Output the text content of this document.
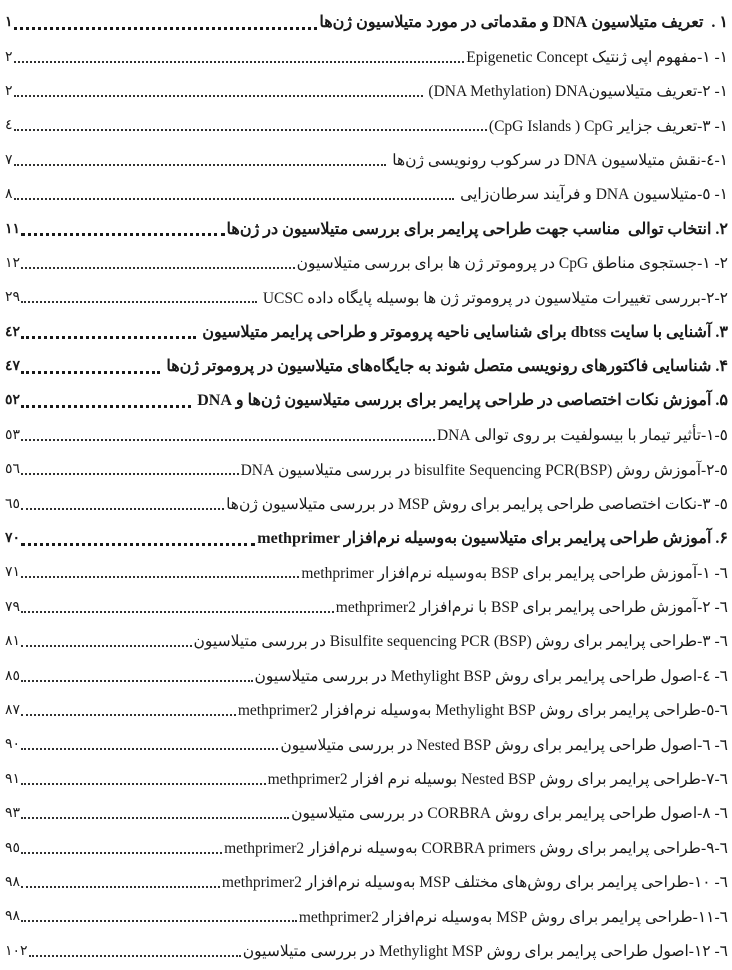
١ .  تعریف متیلاسیون DNA و مقدماتی در مورد متیلاسیون ژن‌ها
١
١- ١-مفهوم اپی ژنتیک Epigenetic Concept
٢
١- ٢-تعریف متیلاسیونDNA‏ (DNA Methylation)
٢
١- ٣-تعریف جزایر CpG‏ ( CpG Islands)
٤
١-٤-نقش متیلاسیون DNA در سرکوب رونویسی ژن‌ها
٧
١- ٥-متیلاسیون DNA و فرآیند سرطان‌زایی
٨
٢. انتخاب توالی  مناسب جهت طراحی پرایمر برای بررسی متیلاسیون در ژن‌ها
١١
٢- ١-جستجوی مناطق CpG در پروموتر ژن ها برای بررسی متیلاسیون
١٢
٢-٢-بررسی تغییرات متیلاسیون در پروموتر ژن ها بوسیله پایگاه داده UCSC
٢٩
٣. آشنایی با سایت dbtss برای شناسایی ناحیه پروموتر و طراحی پرایمر متیلاسیون
٤٢
۴. شناسایی فاکتورهای رونویسی متصل شوند به جایگاه‌های متیلاسیون در پروموتر ژن‌ها
٤٧
۵. آموزش نکات اختصاصی در طراحی پرایمر برای بررسی متیلاسیون ژن‌ها و DNA
٥٢
٥-١-تأثیر تیمار با بیسولفیت بر روی توالی DNA
٥٣
٥-٢-آموزش روش bisulfite Sequencing PCR(BSP) در بررسی متیلاسیون DNA
٥٦
٥- ٣-نکات اختصاصی طراحی پرایمر برای روش MSP در بررسی متیلاسیون ژن‌ها
٦٥
۶. آموزش طراحی پرایمر برای متیلاسیون به‌وسیله نرم‌افزار methprimer
٧٠
٦- ١-آموزش طراحی پرایمر برای BSP به‌وسیله نرم‌افزار methprimer
٧١
٦- ٢-آموزش طراحی پرایمر برای BSP با نرم‌افزار methprimer2
٧٩
٦- ٣-طراحی پرایمر برای روش Bisulfite sequencing PCR (BSP) در بررسی متیلاسیون
٨١
٦- ٤-اصول طراحی پرایمر برای روش Methylight BSP در بررسی متیلاسیون
٨٥
٦-٥-طراحی پرایمر برای روش Methylight BSP به‌وسیله نرم‌افزار methprimer2
٨٧
٦- ٦-اصول طراحی پرایمر برای روش Nested BSP در بررسی متیلاسیون
٩٠
٦-٧-طراحی پرایمر برای روش Nested BSP بوسیله نرم افزار methprimer2
٩١
٦- ٨-اصول طراحی پرایمر برای روش CORBRA در بررسی متیلاسیون
٩٣
٦-٩-طراحی پرایمر برای روش CORBRA primers به‌وسیله نرم‌افزار methprimer2
٩٥
٦- ١٠-طراحی پرایمر برای روش‌های مختلف MSP به‌وسیله نرم‌افزار methprimer2
٩٨
٦-١١-طراحی پرایمر برای روش MSP به‌وسیله نرم‌افزار methprimer2
٩٨
٦- ١٢-اصول طراحی پرایمر برای روش Methylight MSP در بررسی متیلاسیون
١٠٢
